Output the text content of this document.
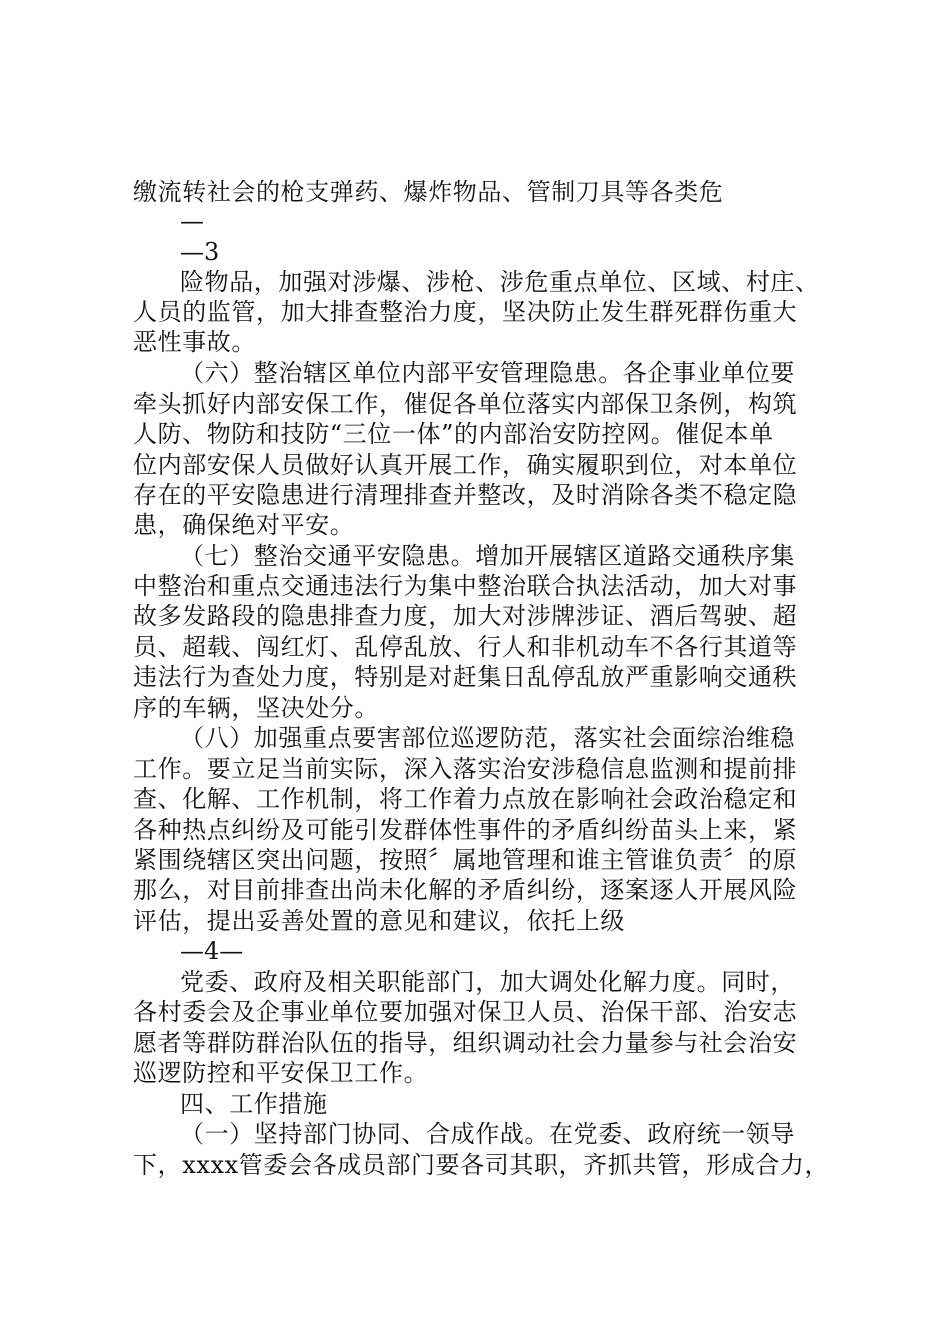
缴流转社会的枪支弹药、爆炸物品、管制刀具等各类危
—
—3
险物品，加强对涉爆、涉枪、涉危重点单位、区域、村庄、
人员的监管，加大排查整治力度，坚决防止发生群死群伤重大
恶性事故。
（六）整治辖区单位内部平安管理隐患。各企事业单位要
牵头抓好内部安保工作，催促各单位落实内部保卫条例，构筑
人防、物防和技防“三位一体”的内部治安防控网。催促本单
位内部安保人员做好认真开展工作，确实履职到位，对本单位
存在的平安隐患进行清理排查并整改，及时消除各类不稳定隐
患，确保绝对平安。
（七）整治交通平安隐患。增加开展辖区道路交通秩序集
中整治和重点交通违法行为集中整治联合执法活动，加大对事
故多发路段的隐患排查力度，加大对涉牌涉证、酒后驾驶、超
员、超载、闯红灯、乱停乱放、行人和非机动车不各行其道等
违法行为查处力度，特别是对赶集日乱停乱放严重影响交通秩
序的车辆，坚决处分。
（八）加强重点要害部位巡逻防范，落实社会面综治维稳
工作。要立足当前实际，深入落实治安涉稳信息监测和提前排
查、化解、工作机制，将工作着力点放在影响社会政治稳定和
各种热点纠纷及可能引发群体性事件的矛盾纠纷苗头上来，紧
紧围绕辖区突出问题，按照〞属地管理和谁主管谁负责〞的原
那么，对目前排查出尚未化解的矛盾纠纷，逐案逐人开展风险
评估，提出妥善处置的意见和建议，依托上级
—4—
党委、政府及相关职能部门，加大调处化解力度。同时，
各村委会及企事业单位要加强对保卫人员、治保干部、治安志
愿者等群防群治队伍的指导，组织调动社会力量参与社会治安
巡逻防控和平安保卫工作。
四、工作措施
（一）坚持部门协同、合成作战。在党委、政府统一领导
下，xxxx管委会各成员部门要各司其职，齐抓共管，形成合力，
